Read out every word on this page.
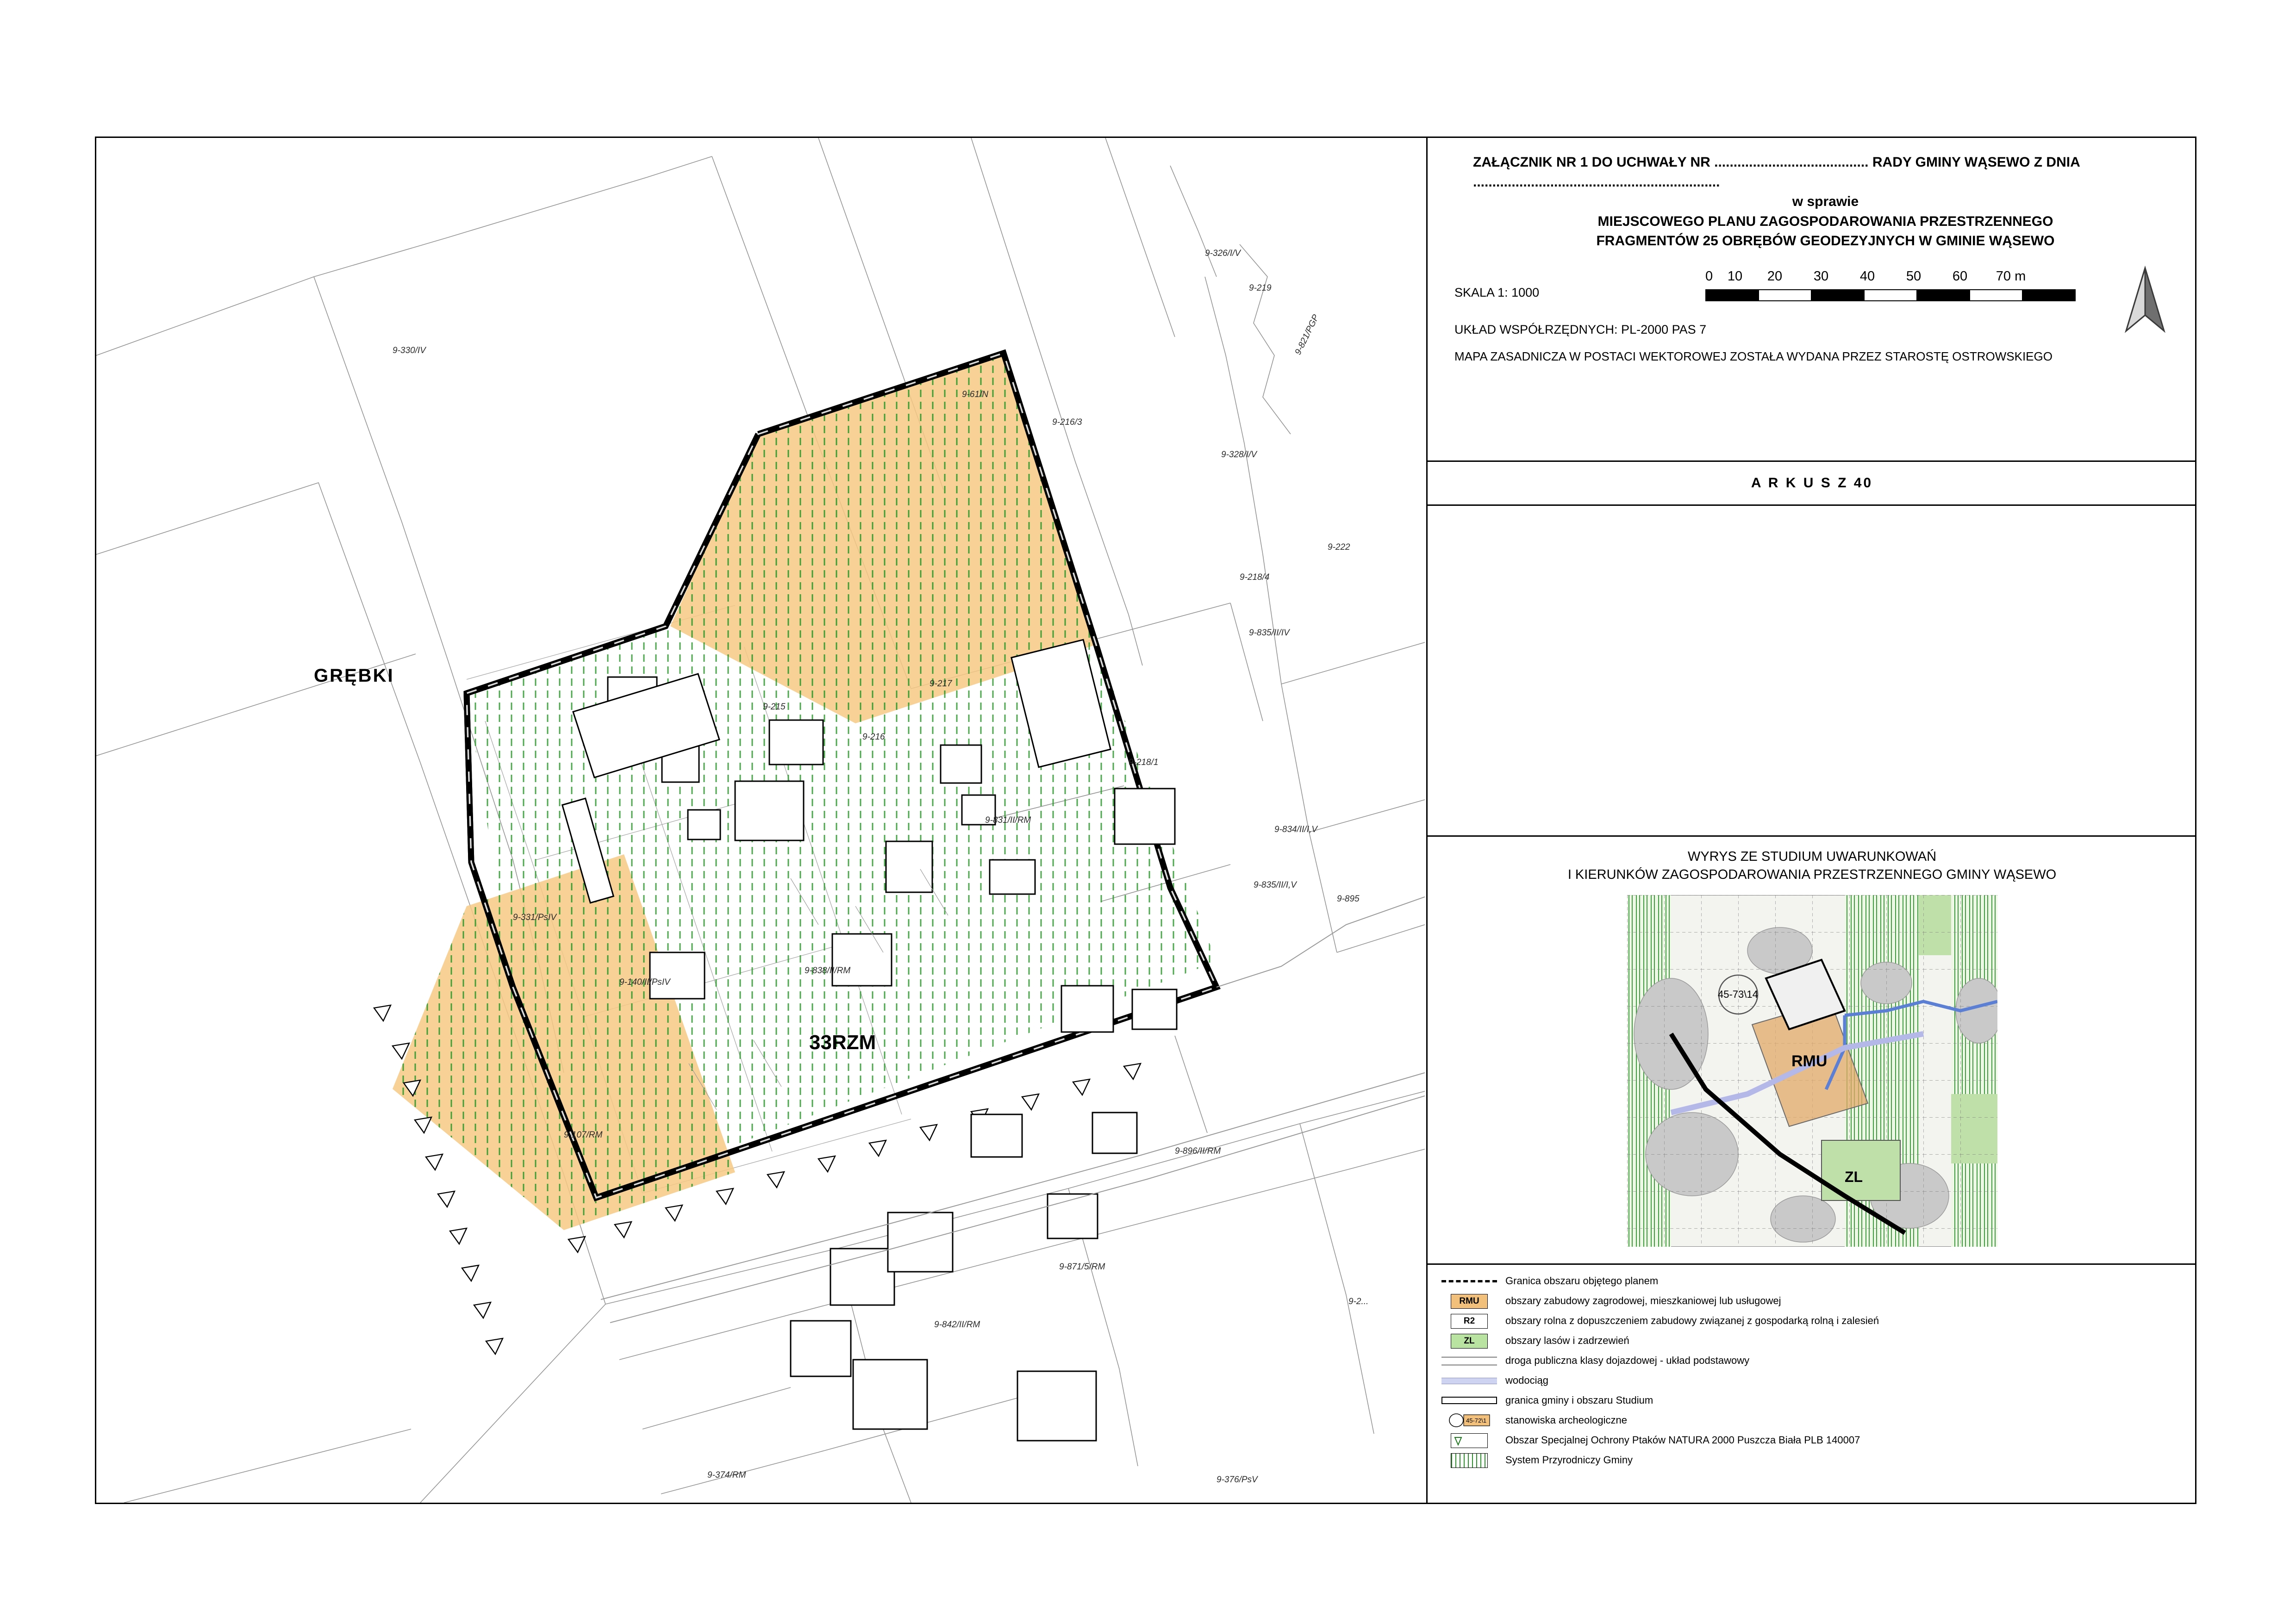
9-330/IV
9-61/N
9-216/3
9-328/I/V
9-326/I/V
9-219
9-821/PGP
9-222
9-218/4
9-835/II/IV
9-218/1
9-215
9-217
9-216
9-831/II/RM
9-834/II/I,V
9-331/PsIV
9-140/II/PsIV
9-838/II/RM
9-895
9-107/RM
9-896/II/RM
9-871/5/RM
9-842/II/RM
9-2...
9-374/RM	9-376/PsV
9-835/II/I,V
GRĘBKI
33RZM
ZAŁĄCZNIK NR 1 DO UCHWAŁY NR ........................................ RADY GMINY WĄSEWO Z DNIA ................................................................
w sprawie
MIEJSCOWEGO PLANU ZAGOSPODAROWANIA PRZESTRZENNEGO
FRAGMENTÓW 25 OBRĘBÓW GEODEZYJNYCH W GMINIE WĄSEWO
SKALA 1: 1000
0 10 20 30 40 50 60 70 m
UKŁAD WSPÓŁRZĘDNYCH: PL-2000 PAS 7
MAPA ZASADNICZA W POSTACI WEKTOROWEJ ZOSTAŁA WYDANA PRZEZ STAROSTĘ OSTROWSKIEGO
A R K U S Z 40
WYRYS ZE STUDIUM UWARUNKOWAŃ
I KIERUNKÓW ZAGOSPODAROWANIA PRZESTRZENNEGO GMINY WĄSEWO
45-73\14
RMU
ZL
Granica obszaru objętego planem
RMU	obszary zabudowy zagrodowej, mieszkaniowej lub usługowej
R2	obszary rolna z dopuszczeniem zabudowy związanej z gospodarką rolną i zalesień
ZL	obszary lasów i zadrzewień
droga publiczna klasy dojazdowej - układ podstawowy
wodociąg
granica gminy i obszaru Studium
45-72\1 stanowiska archeologiczne
Obszar Specjalnej Ochrony Ptaków NATURA 2000 Puszcza Biała PLB 140007
System Przyrodniczy Gminy
